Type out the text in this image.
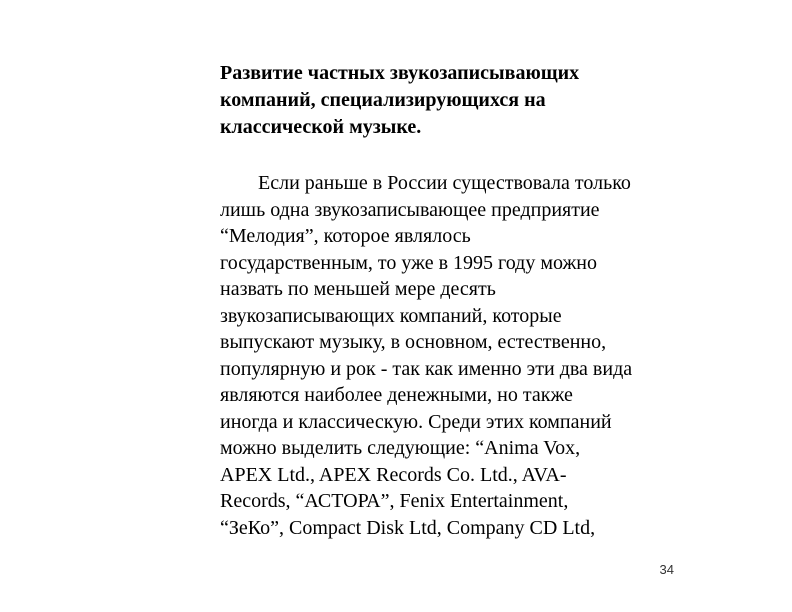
Развитие частных звукозаписывающих
компаний, специализирующихся на
классической музыке.

Если раньше в России существовала только
лишь одна звукозаписывающее предприятие
“Мелодия”, которое являлось
государственным, то уже в 1995 году можно
назвать по меньшей мере десять
звукозаписывающих компаний, которые
выпускают музыку, в основном, естественно,
популярную и рок - так как именно эти два вида
являются наиболее денежными, но также
иногда и классическую. Среди этих компаний
можно выделить следующие: “Anima Vox,
APEX Ltd., APEX Records Co. Ltd., AVA-
Records, “АСТОРА”, Fenix Entertainment,
“ЗеКо”, Compact Disk Ltd, Company CD Ltd,

34
